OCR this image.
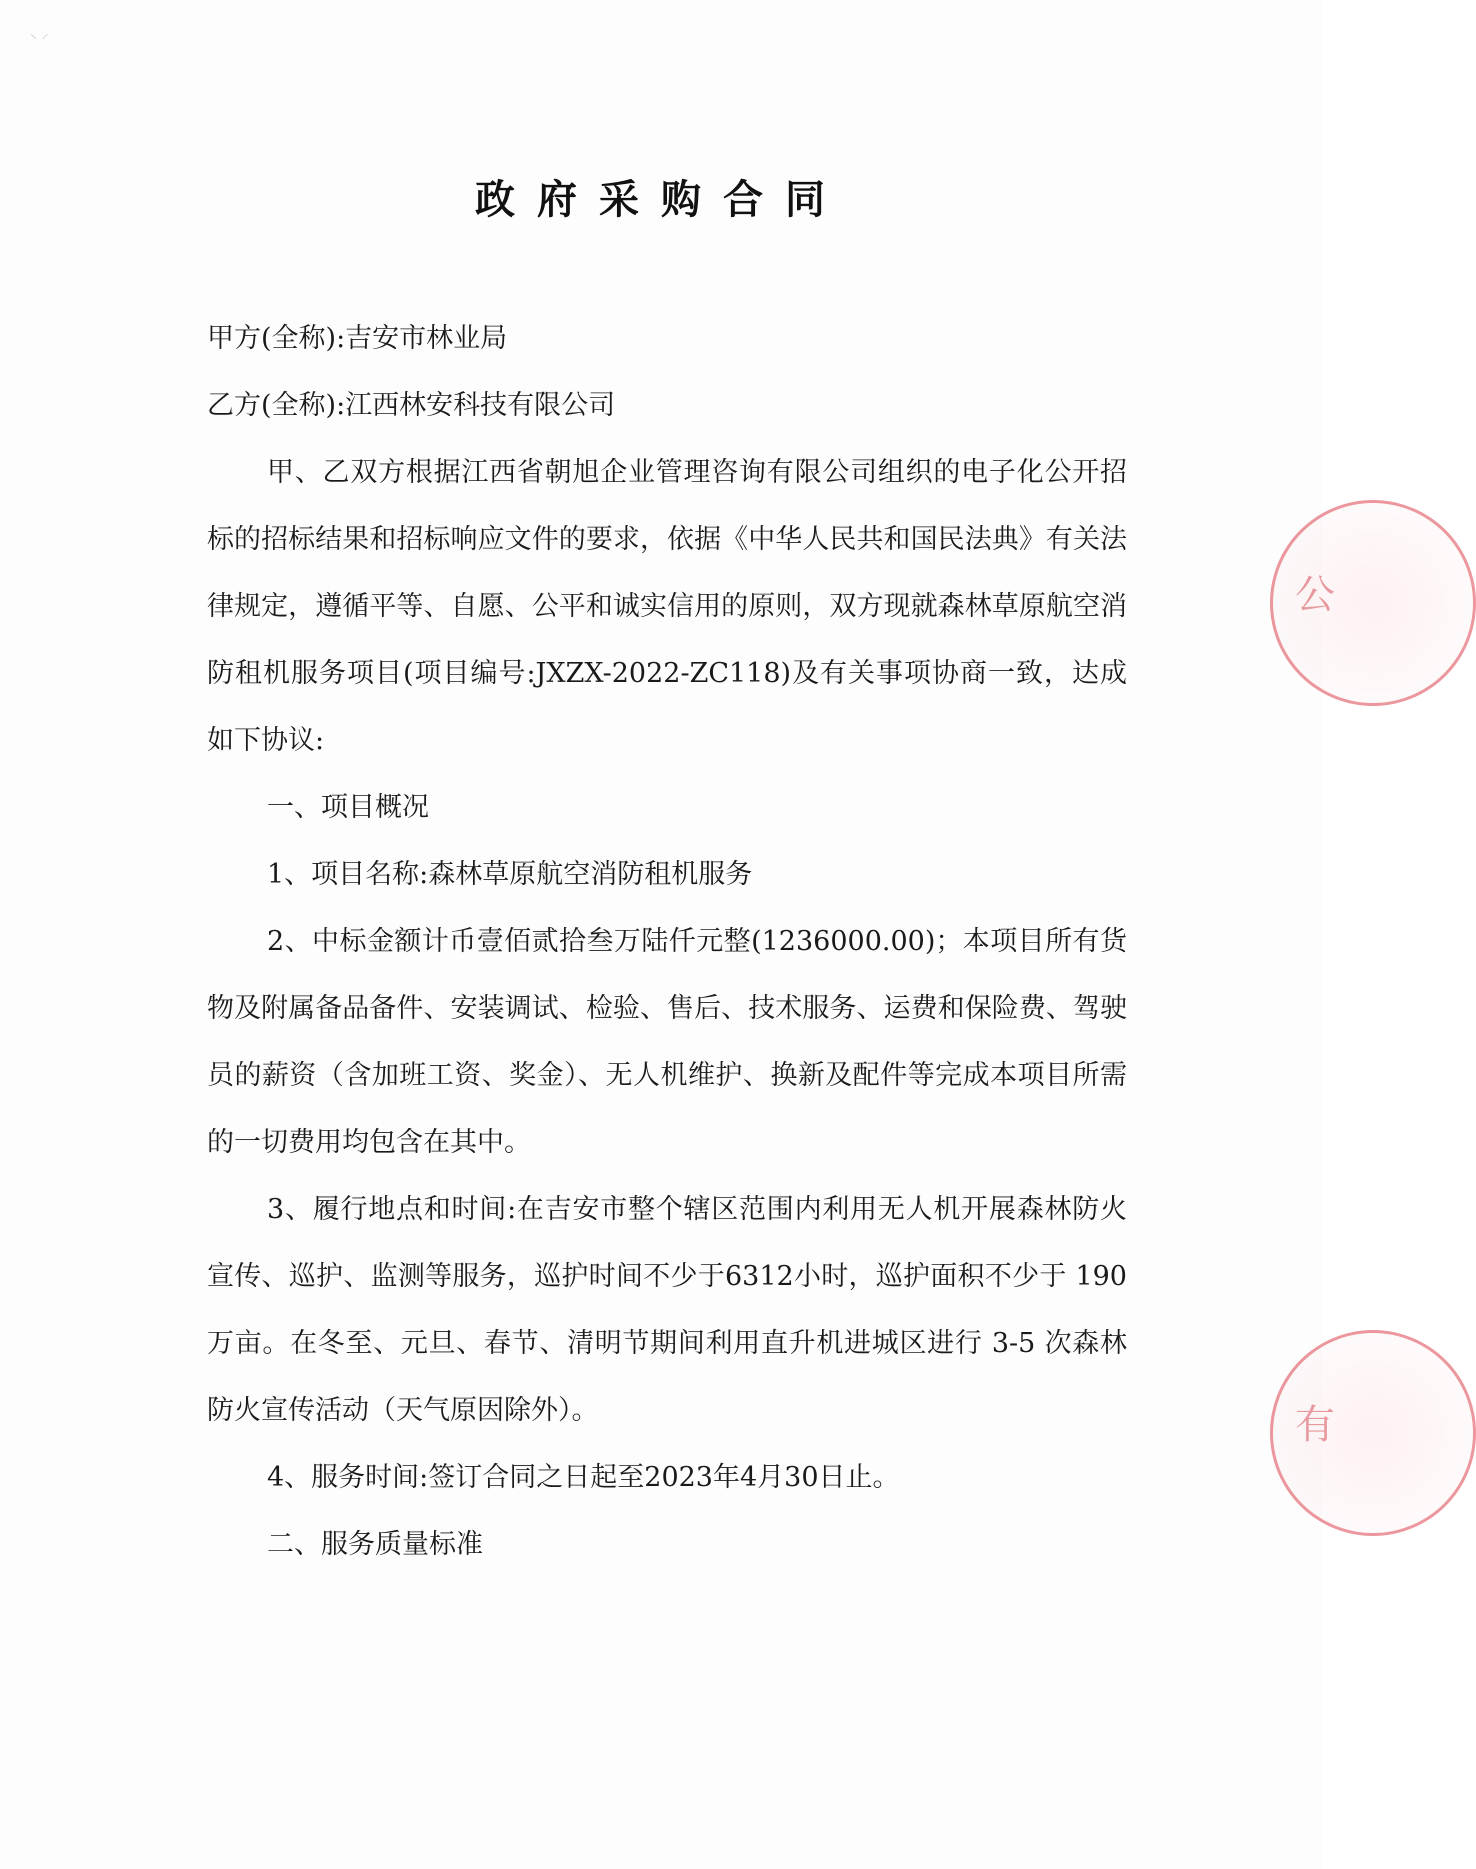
⸌ ⸍
政府采购合同

甲方(全称):吉安市林业局

乙方(全称):江西林安科技有限公司

甲、乙双方根据江西省朝旭企业管理咨询有限公司组织的电子化公开招标的招标结果和招标响应文件的要求，依据《中华人民共和国民法典》有关法律规定，遵循平等、自愿、公平和诚实信用的原则，双方现就森林草原航空消防租机服务项目(项目编号:JXZX-2022-ZC118)及有关事项协商一致，达成如下协议:

一、项目概况

1、项目名称:森林草原航空消防租机服务

2、中标金额计币壹佰贰拾叁万陆仟元整(1236000.00)；本项目所有货物及附属备品备件、安装调试、检验、售后、技术服务、运费和保险费、驾驶员的薪资（含加班工资、奖金）、无人机维护、换新及配件等完成本项目所需的一切费用均包含在其中。

3、履行地点和时间:在吉安市整个辖区范围内利用无人机开展森林防火宣传、巡护、监测等服务，巡护时间不少于6312小时，巡护面积不少于 190 万亩。在冬至、元旦、春节、清明节期间利用直升机进城区进行 3-5 次森林防火宣传活动（天气原因除外）。

4、服务时间:签订合同之日起至2023年4月30日止。

二、服务质量标准

公
有
